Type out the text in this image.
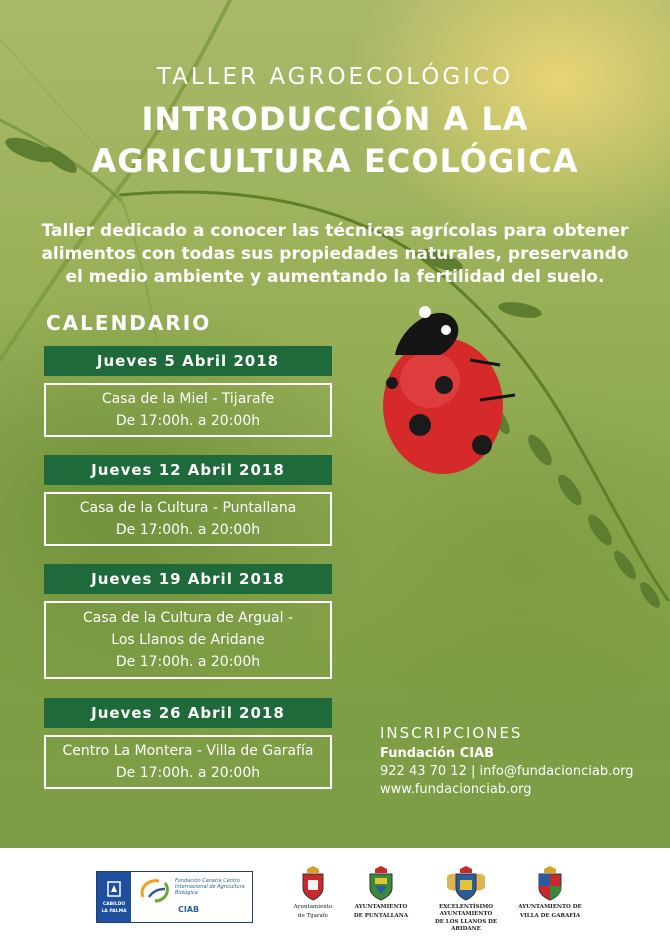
TALLER AGROECOLÓGICO
INTRODUCCIÓN A LA
AGRICULTURA ECOLÓGICA
Taller dedicado a conocer las técnicas agrícolas para obtener
alimentos con todas sus propiedades naturales, preservando
el medio ambiente y aumentando la fertilidad del suelo.
CALENDARIO
Jueves 5 Abril 2018
Casa de la Miel - Tijarafe
De 17:00h. a 20:00h
Jueves 12 Abril 2018
Casa de la Cultura - Puntallana
De 17:00h. a 20:00h
Jueves 19 Abril 2018
Casa de la Cultura de Argual -
Los Llanos de Aridane
De 17:00h. a 20:00h
Jueves 26 Abril 2018
Centro La Montera - Villa de Garafía
De 17:00h. a 20:00h
INSCRIPCIONES
Fundación CIAB
922 43 70 12 | info@fundacionciab.org
www.fundacionciab.org
CABILDO
LA PALMA
Fundación Canaria Centro Internacional de Agricultura Biológica
CIAB	Ayuntamiento
de Tijarafe
AYUNTAMIENTO
DE PUNTALLANA
EXCELENTÍSIMO AYUNTAMIENTO
DE LOS LLANOS DE ARIDANE
AYUNTAMIENTO DE
VILLA DE GARAFÍA
